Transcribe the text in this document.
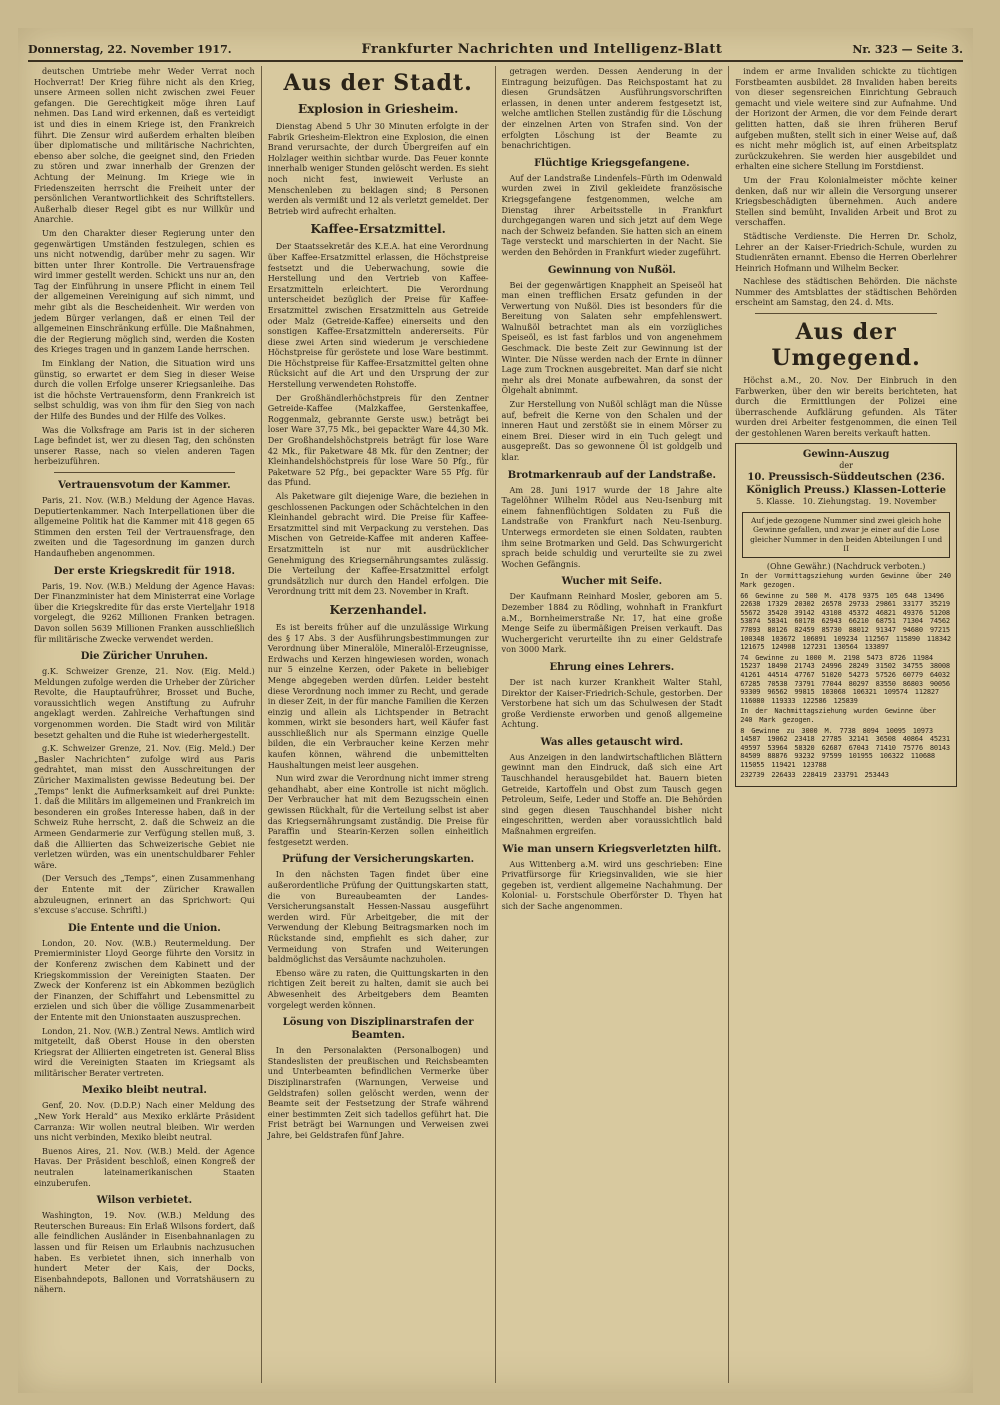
Donnerstag, 22. November 1917.	Frankfurter Nachrichten und Intelligenz-Blatt	Nr. 323 — Seite 3.

deutschen Umtriebe mehr Weder Verrat noch Hochverrat! Der Krieg führe nicht als den Krieg, unsere Armeen sollen nicht zwischen zwei Feuer gefangen. Die Gerechtigkeit möge ihren Lauf nehmen. Das Land wird erkennen, daß es verteidigt ist und dies in einem Kriege ist, den Frankreich führt. Die Zensur wird außerdem erhalten bleiben über diplomatische und militärische Nachrichten, ebenso aber solche, die geeignet sind, den Frieden zu stören und zwar innerhalb der Grenzen der Achtung der Meinung. Im Kriege wie in Friedenszeiten herrscht die Freiheit unter der persönlichen Verantwortlichkeit des Schriftstellers. Außerhalb dieser Regel gibt es nur Willkür und Anarchie.

Um den Charakter dieser Regierung unter den gegenwärtigen Umständen festzulegen, schien es uns nicht notwendig, darüber mehr zu sagen. Wir bitten unter Ihrer Kontrolle. Die Vertrauensfrage wird immer gestellt werden. Schickt uns nur an, den Tag der Einführung in unsere Pflicht in einem Teil der allgemeinen Vereinigung auf sich nimmt, und mehr gibt als die Bescheidenheit. Wir werden von jedem Bürger verlangen, daß er einen Teil der allgemeinen Einschränkung erfülle. Die Maßnahmen, die der Regierung möglich sind, werden die Kosten des Krieges tragen und in ganzem Lande herrschen.

Im Einklang der Nation, die Situation wird uns günstig, so erwartet er dem Sieg in dieser Weise durch die vollen Erfolge unserer Kriegsanleihe. Das ist die höchste Vertrauensform, denn Frankreich ist selbst schuldig, was von ihm für den Sieg von nach der Hilfe des Bundes und der Hilfe des Volkes.

Was die Volksfrage am Paris ist in der sicheren Lage befindet ist, wer zu diesen Tag, den schönsten unserer Rasse, nach so vielen anderen Tagen herbeizuführen.

Vertrauensvotum der Kammer.

Paris, 21. Nov. (W.B.) Meldung der Agence Havas. Deputiertenkammer. Nach Interpellationen über die allgemeine Politik hat die Kammer mit 418 gegen 65 Stimmen den ersten Teil der Vertrauensfrage, den zweiten und die Tagesordnung im ganzen durch Handaufheben angenommen.

Der erste Kriegskredit für 1918.

Paris, 19. Nov. (W.B.) Meldung der Agence Havas: Der Finanzminister hat dem Ministerrat eine Vorlage über die Kriegskredite für das erste Vierteljahr 1918 vorgelegt, die 9262 Millionen Franken betragen. Davon sollen 5639 Millionen Franken ausschließlich für militärische Zwecke verwendet werden.

Die Züricher Unruhen.

g.K. Schweizer Grenze, 21. Nov. (Eig. Meld.) Meldungen zufolge werden die Urheber der Züricher Revolte, die Hauptaufrührer, Brosset und Buche, voraussichtlich wegen Anstiftung zu Aufruhr angeklagt werden. Zahlreiche Verhaftungen sind vorgenommen worden. Die Stadt wird von Militär besetzt gehalten und die Ruhe ist wiederhergestellt.

g.K. Schweizer Grenze, 21. Nov. (Eig. Meld.) Der „Basler Nachrichten“ zufolge wird aus Paris gedrahtet, man misst den Ausschreitungen der Züricher Maximalisten gewisse Bedeutung bei. Der „Temps“ lenkt die Aufmerksamkeit auf drei Punkte: 1. daß die Militärs im allgemeinen und Frankreich im besonderen ein großes Interesse haben, daß in der Schweiz Ruhe herrscht, 2. daß die Schweiz an die Armeen Gendarmerie zur Verfügung stellen muß, 3. daß die Alliierten das Schweizerische Gebiet nie verletzen würden, was ein unentschuldbarer Fehler wäre.

(Der Versuch des „Temps“, einen Zusammenhang der Entente mit der Züricher Krawallen abzuleugnen, erinnert an das Sprichwort: Qui s'excuse s'accuse. Schriftl.)

Die Entente und die Union.

London, 20. Nov. (W.B.) Reutermeldung. Der Premierminister Lloyd George führte den Vorsitz in der Konferenz zwischen dem Kabinett und der Kriegskommission der Vereinigten Staaten. Der Zweck der Konferenz ist ein Abkommen bezüglich der Finanzen, der Schiffahrt und Lebensmittel zu erzielen und sich über die völlige Zusammenarbeit der Entente mit den Unionstaaten auszusprechen.

London, 21. Nov. (W.B.) Zentral News. Amtlich wird mitgeteilt, daß Oberst House in den obersten Kriegsrat der Alliierten eingetreten ist. General Bliss wird die Vereinigten Staaten im Kriegsamt als militärischer Berater vertreten.

Mexiko bleibt neutral.

Genf, 20. Nov. (D.D.P.) Nach einer Meldung des „New York Herald“ aus Mexiko erklärte Präsident Carranza: Wir wollen neutral bleiben. Wir werden uns nicht verbinden, Mexiko bleibt neutral.

Buenos Aires, 21. Nov. (W.B.) Meld. der Agence Havas. Der Präsident beschloß, einen Kongreß der neutralen lateinamerikanischen Staaten einzuberufen.

Wilson verbietet.

Washington, 19. Nov. (W.B.) Meldung des Reuterschen Bureaus: Ein Erlaß Wilsons fordert, daß alle feindlichen Ausländer in Eisenbahnanlagen zu lassen und für Reisen um Erlaubnis nachzusuchen haben. Es verbietet ihnen, sich innerhalb von hundert Meter der Kais, der Docks, Eisenbahndepots, Ballonen und Vorratshäusern zu nähern.

Aus der Stadt.
Explosion in Griesheim.

Dienstag Abend 5 Uhr 30 Minuten erfolgte in der Fabrik Griesheim-Elektron eine Explosion, die einen Brand verursachte, der durch Übergreifen auf ein Holzlager weithin sichtbar wurde. Das Feuer konnte innerhalb weniger Stunden gelöscht werden. Es sieht noch nicht fest, inwieweit Verluste an Menschenleben zu beklagen sind; 8 Personen werden als vermißt und 12 als verletzt gemeldet. Der Betrieb wird aufrecht erhalten.

Kaffee-Ersatzmittel.

Der Staatssekretär des K.E.A. hat eine Verordnung über Kaffee-Ersatzmittel erlassen, die Höchstpreise festsetzt und die Ueberwachung, sowie die Herstellung und den Vertrieb von Kaffee-Ersatzmitteln erleichtert. Die Verordnung unterscheidet bezüglich der Preise für Kaffee-Ersatzmittel zwischen Ersatzmitteln aus Getreide oder Malz (Getreide-Kaffee) einerseits und den sonstigen Kaffee-Ersatzmitteln andererseits. Für diese zwei Arten sind wiederum je verschiedene Höchstpreise für geröstete und lose Ware bestimmt. Die Höchstpreise für Kaffee-Ersatzmittel gelten ohne Rücksicht auf die Art und den Ursprung der zur Herstellung verwendeten Rohstoffe.

Der Großhändlerhöchstpreis für den Zentner Getreide-Kaffee (Malzkaffee, Gerstenkaffee, Roggenmalz, gebrannte Gerste usw.) beträgt bei loser Ware 37,75 Mk., bei gepackter Ware 44,30 Mk. Der Großhandelshöchstpreis beträgt für lose Ware 42 Mk., für Paketware 48 Mk. für den Zentner; der Kleinhandelshöchstpreis für lose Ware 50 Pfg., für Paketware 52 Pfg., bei gepackter Ware 55 Pfg. für das Pfund.

Als Paketware gilt diejenige Ware, die beziehen in geschlossenen Packungen oder Schächtelchen in den Kleinhandel gebracht wird. Die Preise für Kaffee-Ersatzmittel sind mit Verpackung zu verstehen. Das Mischen von Getreide-Kaffee mit anderen Kaffee-Ersatzmitteln ist nur mit ausdrücklicher Genehmigung des Kriegsernährungsamtes zulässig. Die Verteilung der Kaffee-Ersatzmittel erfolgt grundsätzlich nur durch den Handel erfolgen. Die Verordnung tritt mit dem 23. November in Kraft.

Kerzenhandel.

Es ist bereits früher auf die unzulässige Wirkung des § 17 Abs. 3 der Ausführungsbestimmungen zur Verordnung über Mineralöle, Mineralöl-Erzeugnisse, Erdwachs und Kerzen hingewiesen worden, wonach nur 5 einzelne Kerzen, oder Pakete in beliebiger Menge abgegeben werden dürfen. Leider besteht diese Verordnung noch immer zu Recht, und gerade in dieser Zeit, in der für manche Familien die Kerzen einzig und allein als Lichtspender in Betracht kommen, wirkt sie besonders hart, weil Käufer fast ausschließlich nur als Spermann einzige Quelle bilden, die ein Verbraucher keine Kerzen mehr kaufen können, während die unbemittelten Haushaltungen meist leer ausgehen.

Nun wird zwar die Verordnung nicht immer streng gehandhabt, aber eine Kontrolle ist nicht möglich. Der Verbraucher hat mit dem Bezugsschein einen gewissen Rückhalt, für die Verteilung selbst ist aber das Kriegsernährungsamt zuständig. Die Preise für Paraffin und Stearin-Kerzen sollen einheitlich festgesetzt werden.

Prüfung der Versicherungskarten.

In den nächsten Tagen findet über eine außerordentliche Prüfung der Quittungskarten statt, die von Bureaubeamten der Landes-Versicherungsanstalt Hessen-Nassau ausgeführt werden wird. Für Arbeitgeber, die mit der Verwendung der Klebung Beitragsmarken noch im Rückstande sind, empfiehlt es sich daher, zur Vermeidung von Strafen und Weiterungen baldmöglichst das Versäumte nachzuholen.

Ebenso wäre zu raten, die Quittungskarten in den richtigen Zeit bereit zu halten, damit sie auch bei Abwesenheit des Arbeitgebers dem Beamten vorgelegt werden können.

Lösung von Disziplinarstrafen der Beamten.

In den Personalakten (Personalbogen) und Standeslisten der preußischen und Reichsbeamten und Unterbeamten befindlichen Vermerke über Disziplinarstrafen (Warnungen, Verweise und Geldstrafen) sollen gelöscht werden, wenn der Beamte seit der Festsetzung der Strafe während einer bestimmten Zeit sich tadellos geführt hat. Die Frist beträgt bei Warnungen und Verweisen zwei Jahre, bei Geldstrafen fünf Jahre.

getragen werden. Dessen Aenderung in der Eintragung beizufügen. Das Reichspostamt hat zu diesen Grundsätzen Ausführungsvorschriften erlassen, in denen unter anderem festgesetzt ist, welche amtlichen Stellen zuständig für die Löschung der einzelnen Arten von Strafen sind. Von der erfolgten Löschung ist der Beamte zu benachrichtigen.

Flüchtige Kriegsgefangene.

Auf der Landstraße Lindenfels–Fürth im Odenwald wurden zwei in Zivil gekleidete französische Kriegsgefangene festgenommen, welche am Dienstag ihrer Arbeitsstelle in Frankfurt durchgegangen waren und sich jetzt auf dem Wege nach der Schweiz befanden. Sie hatten sich an einem Tage versteckt und marschierten in der Nacht. Sie werden den Behörden in Frankfurt wieder zugeführt.

Gewinnung von Nußöl.

Bei der gegenwärtigen Knappheit an Speiseöl hat man einen trefflichen Ersatz gefunden in der Verwertung von Nußöl. Dies ist besonders für die Bereitung von Salaten sehr empfehlenswert. Walnußöl betrachtet man als ein vorzügliches Speiseöl, es ist fast farblos und von angenehmem Geschmack. Die beste Zeit zur Gewinnung ist der Winter. Die Nüsse werden nach der Ernte in dünner Lage zum Trocknen ausgebreitet. Man darf sie nicht mehr als drei Monate aufbewahren, da sonst der Ölgehalt abnimmt.

Zur Herstellung von Nußöl schlägt man die Nüsse auf, befreit die Kerne von den Schalen und der inneren Haut und zerstößt sie in einem Mörser zu einem Brei. Dieser wird in ein Tuch gelegt und ausgepreßt. Das so gewonnene Öl ist goldgelb und klar.

Brotmarkenraub auf der Landstraße.

Am 28. Juni 1917 wurde der 18 Jahre alte Tagelöhner Wilhelm Rödel aus Neu-Isenburg mit einem fahnenflüchtigen Soldaten zu Fuß die Landstraße von Frankfurt nach Neu-Isenburg. Unterwegs ermordeten sie einen Soldaten, raubten ihm seine Brotmarken und Geld. Das Schwurgericht sprach beide schuldig und verurteilte sie zu zwei Wochen Gefängnis.

Wucher mit Seife.

Der Kaufmann Reinhard Mosler, geboren am 5. Dezember 1884 zu Rödling, wohnhaft in Frankfurt a.M., Bornheimerstraße Nr. 17, hat eine große Menge Seife zu übermäßigen Preisen verkauft. Das Wuchergericht verurteilte ihn zu einer Geldstrafe von 3000 Mark.

Ehrung eines Lehrers.

Der ist nach kurzer Krankheit Walter Stahl, Direktor der Kaiser-Friedrich-Schule, gestorben. Der Verstorbene hat sich um das Schulwesen der Stadt große Verdienste erworben und genoß allgemeine Achtung.

Was alles getauscht wird.

Aus Anzeigen in den landwirtschaftlichen Blättern gewinnt man den Eindruck, daß sich eine Art Tauschhandel herausgebildet hat. Bauern bieten Getreide, Kartoffeln und Obst zum Tausch gegen Petroleum, Seife, Leder und Stoffe an. Die Behörden sind gegen diesen Tauschhandel bisher nicht eingeschritten, werden aber voraussichtlich bald Maßnahmen ergreifen.

Wie man unsern Kriegsverletzten hilft.

Aus Wittenberg a.M. wird uns geschrieben: Eine Privatfürsorge für Kriegsinvaliden, wie sie hier gegeben ist, verdient allgemeine Nachahmung. Der Kolonial- u. Forstschule Oberförster D. Thyen hat sich der Sache angenommen.

indem er arme Invaliden schickte zu tüchtigen Forstbeamten ausbildet. 28 Invaliden haben bereits von dieser segensreichen Einrichtung Gebrauch gemacht und viele weitere sind zur Aufnahme. Und der Horizont der Armen, die vor dem Feinde derart gelitten hatten, daß sie ihren früheren Beruf aufgeben mußten, stellt sich in einer Weise auf, daß es nicht mehr möglich ist, auf einen Arbeitsplatz zurückzukehren. Sie werden hier ausgebildet und erhalten eine sichere Stellung im Forstdienst.

Um der Frau Kolonialmeister möchte keiner denken, daß nur wir allein die Versorgung unserer Kriegsbeschädigten übernehmen. Auch andere Stellen sind bemüht, Invaliden Arbeit und Brot zu verschaffen.

Städtische Verdienste. Die Herren Dr. Scholz, Lehrer an der Kaiser-Friedrich-Schule, wurden zu Studienräten ernannt. Ebenso die Herren Oberlehrer Heinrich Hofmann und Wilhelm Becker.

Nachlese des städtischen Behörden. Die nächste Nummer des Amtsblattes der städtischen Behörden erscheint am Samstag, den 24. d. Mts.

Aus der Umgegend.

Höchst a.M., 20. Nov. Der Einbruch in den Farbwerken, über den wir bereits berichteten, hat durch die Ermittlungen der Polizei eine überraschende Aufklärung gefunden. Als Täter wurden drei Arbeiter festgenommen, die einen Teil der gestohlenen Waren bereits verkauft hatten.

Gewinn-Auszug
der
10. Preussisch-Süddeutschen (236. Königlich Preuss.) Klassen-Lotterie
5. Klasse. 10. Ziehungstag. 19. November
Auf jede gezogene Nummer sind zwei gleich hohe Gewinne gefallen, und zwar je einer auf die Lose gleicher Nummer in den beiden Abteilungen I und II
(Ohne Gewähr.) (Nachdruck verboten.)

In der Vormittagsziehung wurden Gewinne über 240 Mark gezogen.

66 Gewinne zu 500 M. 4178 9375 105 648 13496 22638 17329 20302 26578 29733 29861 33177 35219 55672 35420 39142 43108 45372 46821 49376 51208 53874 58341 60178 62943 66210 68751 71304 74562 77893 80126 82459 85730 88012 91347 94680 97215 100348 103672 106891 109234 112567 115890 118342 121675 124908 127231 130564 133897

74 Gewinne zu 1000 M. 2198 5473 8726 11984 15237 18490 21743 24996 28249 31502 34755 38008 41261 44514 47767 51020 54273 57526 60779 64032 67285 70538 73791 77044 80297 83550 86803 90056 93309 96562 99815 103068 106321 109574 112827 116080 119333 122586 125839

In der Nachmittagsziehung wurden Gewinne über 240 Mark gezogen.

8 Gewinne zu 3000 M. 7738 8094 10095 10973 14587 19062 23418 27785 32141 36508 40864 45231 49597 53964 58320 62687 67043 71410 75776 80143 84509 88876 93232 97599 101955 106322 110688 115055 119421 123788

232739 226433 228419 233791 253443
